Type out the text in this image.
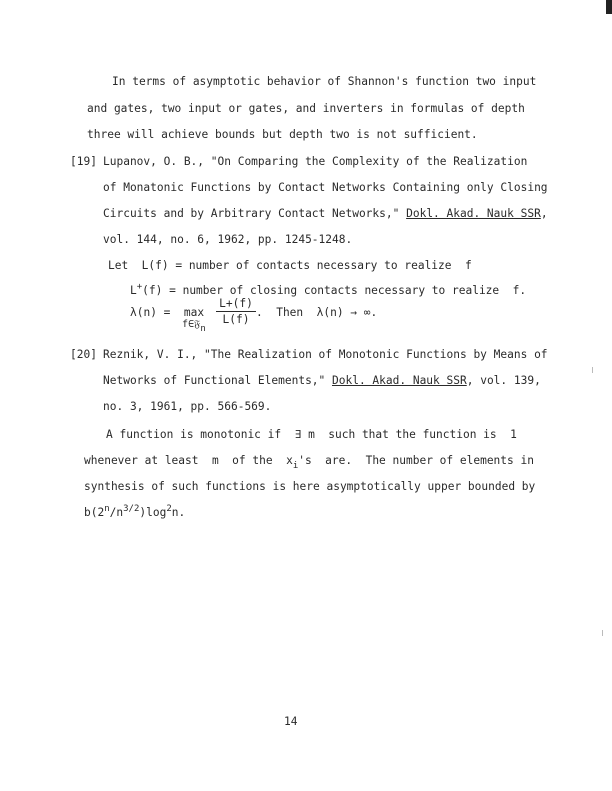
In terms of asymptotic behavior of Shannon's function two input
and gates, two input or gates, and inverters in formulas of depth
three will achieve bounds but depth two is not sufficient.
[19] Lupanov, O. B., "On Comparing the Complexity of the Realization
of Monatonic Functions by Contact Networks Containing only Closing
Circuits and by Arbitrary Contact Networks," Dokl. Akad. Nauk SSR,
vol. 144, no. 6, 1962, pp. 1245-1248.
Let  L(f) = number of contacts necessary to realize  f
L+(f) = number of closing contacts necessary to realize  f.
λ(n) =  max
f∈𝔉n
$\frac{L+(f)}{L(f)}$ .  Then  λ(n) → ∞.
[20] Reznik, V. I., "The Realization of Monotonic Functions by Means of
Networks of Functional Elements," Dokl. Akad. Nauk SSR, vol. 139,
no. 3, 1961, pp. 566-569.
A function is monotonic if  ∃ m  such that the function is  1
whenever at least  m  of the  $x_i's$  are.  The number of elements in
synthesis of such functions is here asymptotically upper bounded by
$b(2^n/n^{3/2})\log^2n$.
14
